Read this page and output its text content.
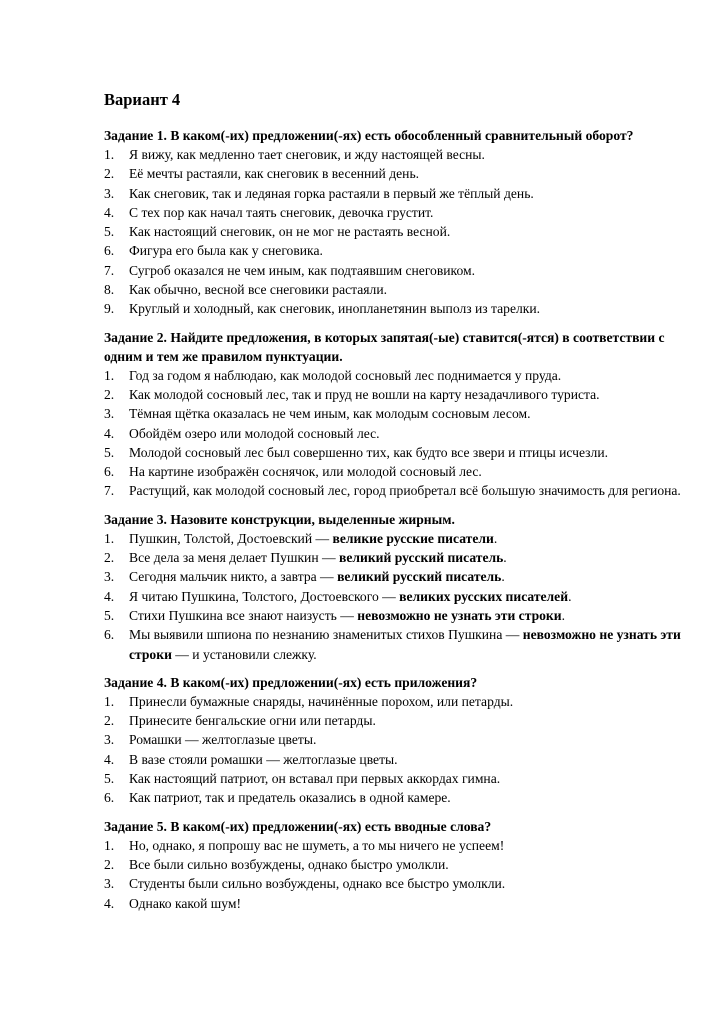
Вариант 4

Задание 1. В каком(-их) предложении(-ях) есть обособленный сравнительный оборот?

1. Я вижу, как медленно тает снеговик, и жду настоящей весны.
2. Её мечты растаяли, как снеговик в весенний день.
3. Как снеговик, так и ледяная горка растаяли в первый же тёплый день.
4. С тех пор как начал таять снеговик, девочка грустит.
5. Как настоящий снеговик, он не мог не растаять весной.
6. Фигура его была как у снеговика.
7. Сугроб оказался не чем иным, как подтаявшим снеговиком.
8. Как обычно, весной все снеговики растаяли.
9. Круглый и холодный, как снеговик, инопланетянин выполз из тарелки.

Задание 2. Найдите предложения, в которых запятая(-ые) ставится(-ятся) в соответствии с одним и тем же правилом пунктуации.

1. Год за годом я наблюдаю, как молодой сосновый лес поднимается у пруда.
2. Как молодой сосновый лес, так и пруд не вошли на карту незадачливого туриста.
3. Тёмная щётка оказалась не чем иным, как молодым сосновым лесом.
4. Обойдём озеро или молодой сосновый лес.
5. Молодой сосновый лес был совершенно тих, как будто все звери и птицы исчезли.
6. На картине изображён соснячок, или молодой сосновый лес.
7. Растущий, как молодой сосновый лес, город приобретал всё большую значимость для региона.

Задание 3. Назовите конструкции, выделенные жирным.

1. Пушкин, Толстой, Достоевский — великие русские писатели.
2. Все дела за меня делает Пушкин — великий русский писатель.
3. Сегодня мальчик никто, а завтра — великий русский писатель.
4. Я читаю Пушкина, Толстого, Достоевского — великих русских писателей.
5. Стихи Пушкина все знают наизусть — невозможно не узнать эти строки.
6. Мы выявили шпиона по незнанию знаменитых стихов Пушкина — невозможно не узнать эти строки — и установили слежку.

Задание 4. В каком(-их) предложении(-ях) есть приложения?

1. Принесли бумажные снаряды, начинённые порохом, или петарды.
2. Принесите бенгальские огни или петарды.
3. Ромашки — желтоглазые цветы.
4. В вазе стояли ромашки — желтоглазые цветы.
5. Как настоящий патриот, он вставал при первых аккордах гимна.
6. Как патриот, так и предатель оказались в одной камере.

Задание 5. В каком(-их) предложении(-ях) есть вводные слова?

1. Но, однако, я попрошу вас не шуметь, а то мы ничего не успеем!
2. Все были сильно возбуждены, однако быстро умолкли.
3. Студенты были сильно возбуждены, однако все быстро умолкли.
4. Однако какой шум!
